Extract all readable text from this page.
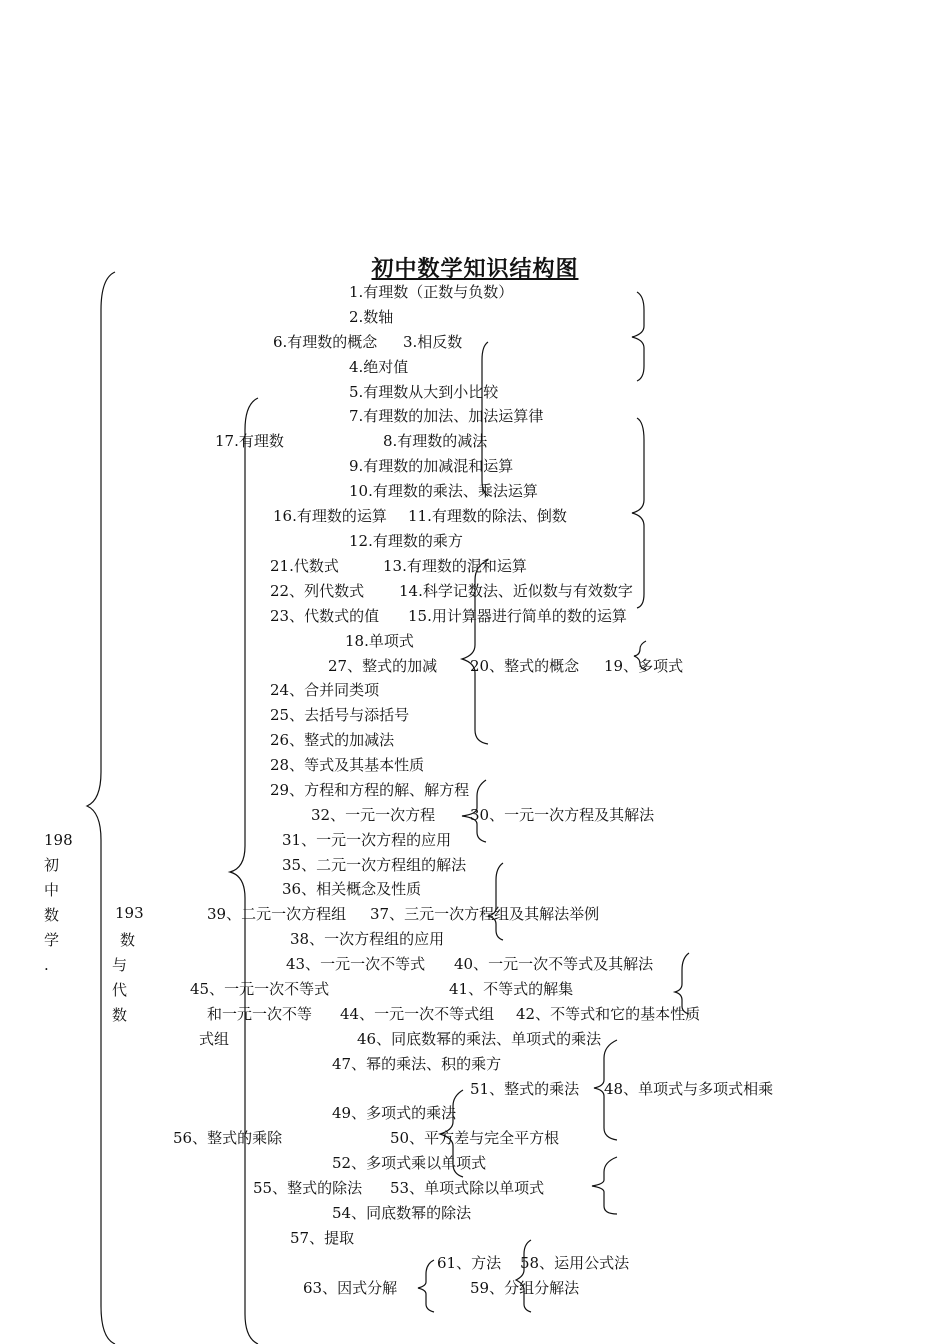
初中数学知识结构图
198
初
中
数
学
.
193
数
与
代
数
1.有理数（正数与负数）
2.数轴
6.有理数的概念 3.相反数
4.绝对值
5.有理数从大到小比较
7.有理数的加法、加法运算律
17.有理数	8.有理数的减法
9.有理数的加减混和运算
10.有理数的乘法、乘法运算
16.有理数的运算 11.有理数的除法、倒数
12.有理数的乘方
21.代数式	13.有理数的混和运算
22、列代数式 14.科学记数法、近似数与有效数字
23、代数式的值 15.用计算器进行简单的数的运算
18.单项式
27、整式的加减 20、整式的概念 19、多项式
24、合并同类项
25、去括号与添括号
26、整式的加减法
28、等式及其基本性质
29、方程和方程的解、解方程
32、一元一次方程 30、一元一次方程及其解法
31、一元一次方程的应用
35、二元一次方程组的解法
36、相关概念及性质
39、二元一次方程组 37、三元一次方程组及其解法举例
38、一次方程组的应用
43、一元一次不等式 40、一元一次不等式及其解法
45、一元一次不等式	41、不等式的解集
和一元一次不等 44、一元一次不等式组 42、不等式和它的基本性质
式组	46、同底数幂的乘法、单项式的乘法
47、幂的乘法、积的乘方
51、整式的乘法 48、单项式与多项式相乘
49、多项式的乘法
56、整式的乘除	50、平方差与完全平方根
52、多项式乘以单项式
55、整式的除法 53、单项式除以单项式
54、同底数幂的除法
57、提取
61、方法 58、运用公式法
63、因式分解	59、分组分解法
